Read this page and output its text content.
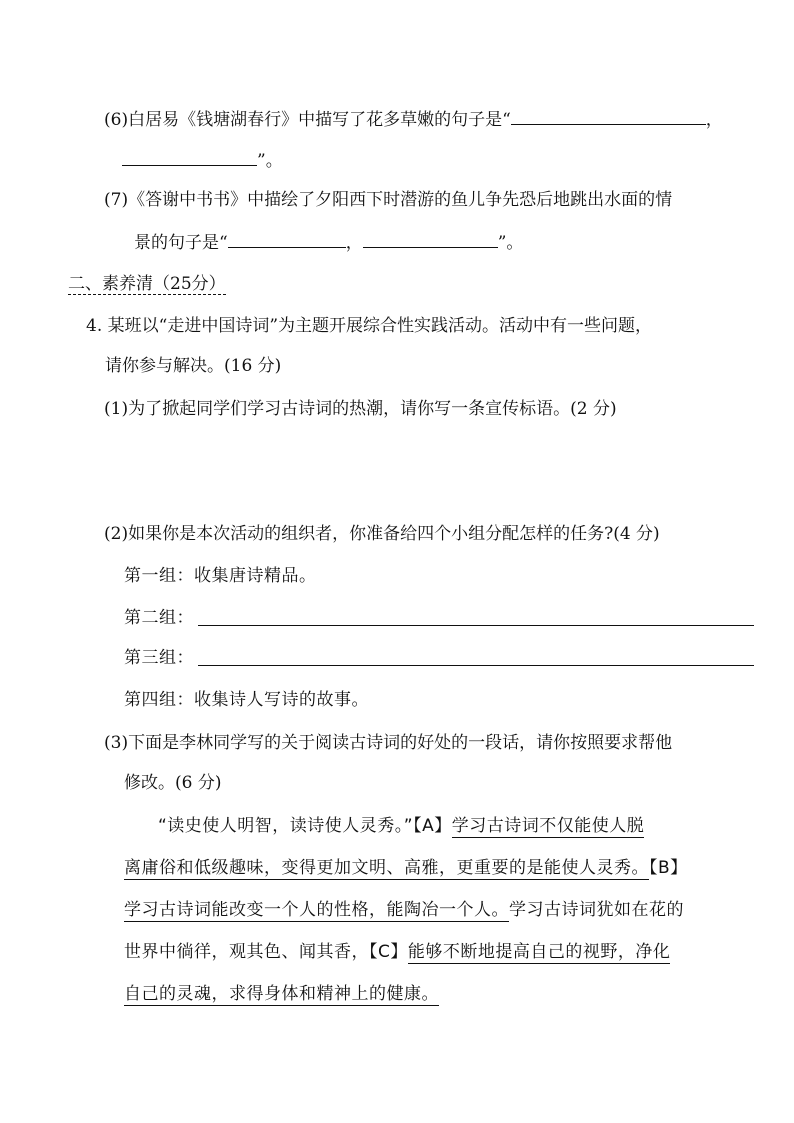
(6)白居易《钱塘湖春行》中描写了花多草嫩的句子是“	，
”。
(7)《答谢中书书》中描绘了夕阳西下时潜游的鱼儿争先恐后地跳出水面的情
景的句子是“	，	”。
二、素养清（25分）
4. 某班以“走进中国诗词”为主题开展综合性实践活动。活动中有一些问题，
请你参与解决。(16 分)
(1)为了掀起同学们学习古诗词的热潮，请你写一条宣传标语。(2 分)
(2)如果你是本次活动的组织者，你准备给四个小组分配怎样的任务?(4 分)
第一组：收集唐诗精品。
第二组：
第三组：
第四组：收集诗人写诗的故事。
(3)下面是李林同学写的关于阅读古诗词的好处的一段话，请你按照要求帮他
修改。(6 分)
“读史使人明智，读诗使人灵秀。”【A】学习古诗词不仅能使人脱
离庸俗和低级趣味，变得更加文明、高雅，更重要的是能使人灵秀。【B】
学习古诗词能改变一个人的性格，能陶冶一个人。学习古诗词犹如在花的
世界中徜徉，观其色、闻其香，【C】能够不断地提高自己的视野，净化
自己的灵魂，求得身体和精神上的健康。
